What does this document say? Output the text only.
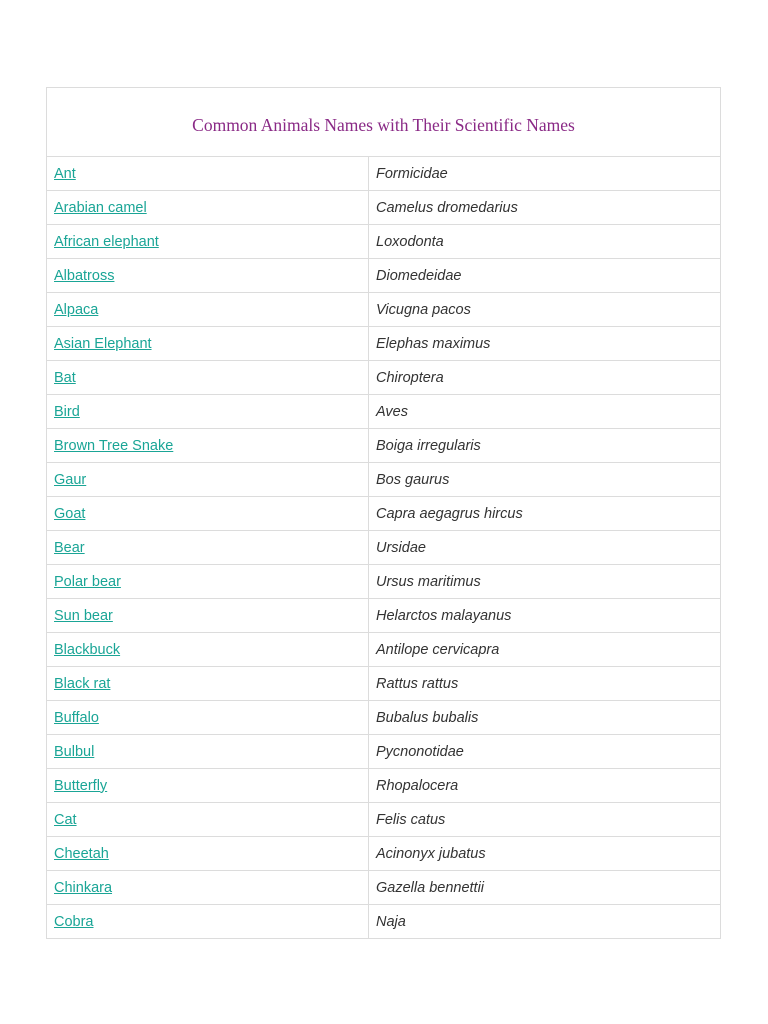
Common Animals Names with Their Scientific Names	
Ant	Formicidae
Arabian camel	Camelus dromedarius
African elephant	Loxodonta
Albatross	Diomedeidae
Alpaca	Vicugna pacos
Asian Elephant	Elephas maximus
Bat	Chiroptera
Bird	Aves
Brown Tree Snake	Boiga irregularis
Gaur	Bos gaurus
Goat	Capra aegagrus hircus
Bear	Ursidae
Polar bear	Ursus maritimus
Sun bear	Helarctos malayanus
Blackbuck	Antilope cervicapra
Black rat	Rattus rattus
Buffalo	Bubalus bubalis
Bulbul	Pycnonotidae
Butterfly	Rhopalocera
Cat	Felis catus
Cheetah	Acinonyx jubatus
Chinkara	Gazella bennettii
Cobra	Naja
